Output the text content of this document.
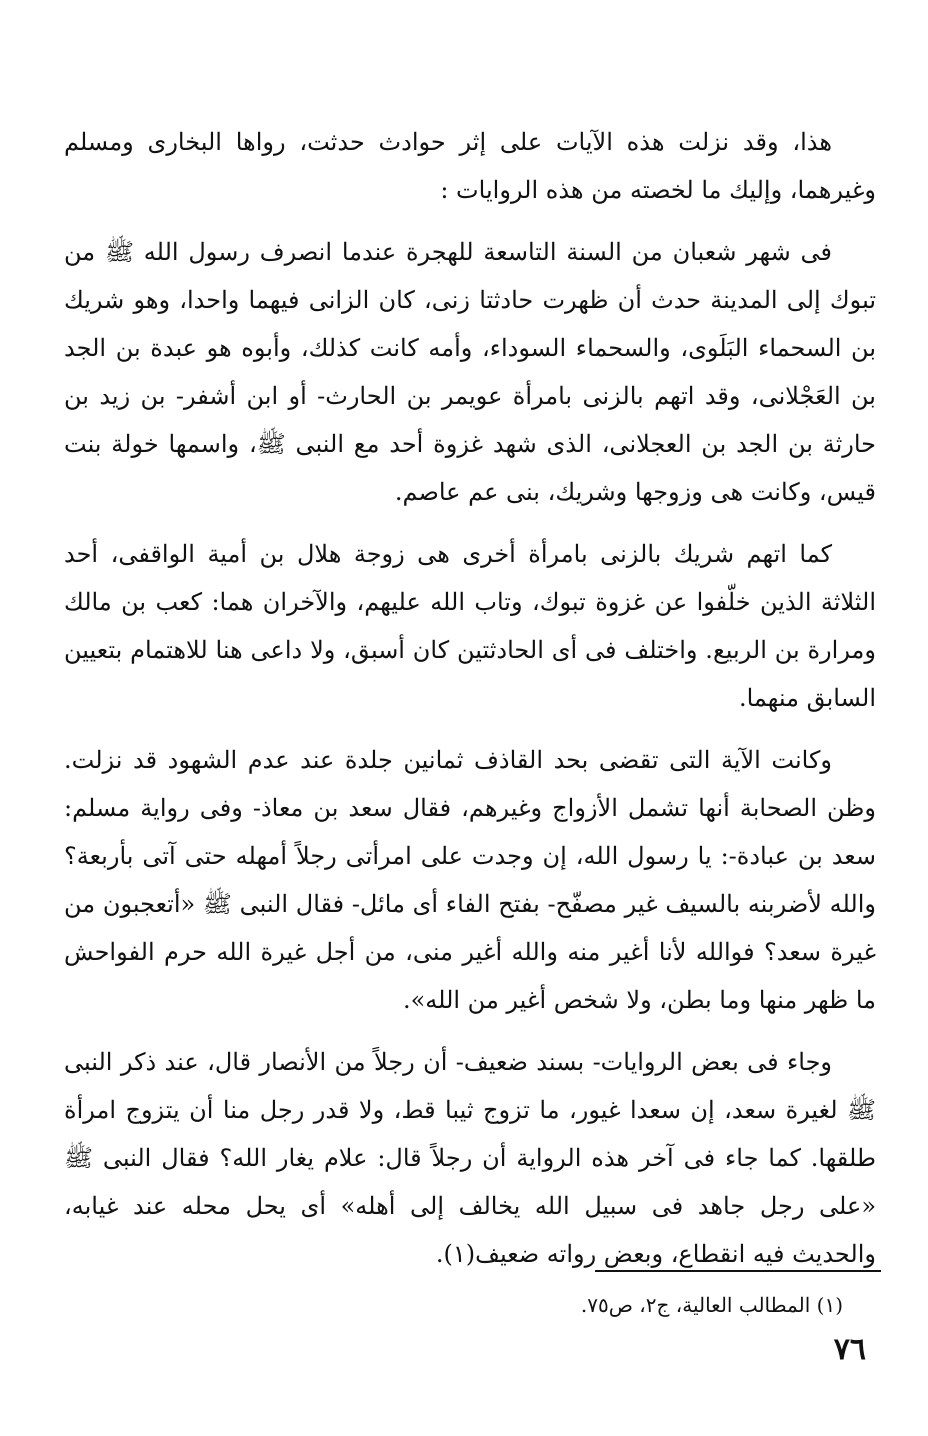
هذا، وقد نزلت هذه الآيات على إثر حوادث حدثت، رواها البخارى ومسلم وغيرهما، وإليك ما لخصته من هذه الروايات :

فى شهر شعبان من السنة التاسعة للهجرة عندما انصرف رسول الله ﷺ من تبوك إلى المدينة حدث أن ظهرت حادثتا زنى، كان الزانى فيهما واحدا، وهو شريك بن السحماء البَلَوى، والسحماء السوداء، وأمه كانت كذلك، وأبوه هو عبدة بن الجد بن العَجْلانى، وقد اتهم بالزنى بامرأة عويمر بن الحارث- أو ابن أشفر- بن زيد بن حارثة بن الجد بن العجلانى، الذى شهد غزوة أحد مع النبى ﷺ، واسمها خولة بنت قيس، وكانت هى وزوجها وشريك، بنى عم عاصم.

كما اتهم شريك بالزنى بامرأة أخرى هى زوجة هلال بن أمية الواقفى، أحد الثلاثة الذين خلّفوا عن غزوة تبوك، وتاب الله عليهم، والآخران هما: كعب بن مالك ومرارة بن الربيع. واختلف فى أى الحادثتين كان أسبق، ولا داعى هنا للاهتمام بتعيين السابق منهما.

وكانت الآية التى تقضى بحد القاذف ثمانين جلدة عند عدم الشهود قد نزلت. وظن الصحابة أنها تشمل الأزواج وغيرهم، فقال سعد بن معاذ- وفى رواية مسلم: سعد بن عبادة-: يا رسول الله، إن وجدت على امرأتى رجلاً أمهله حتى آتى بأربعة؟ والله لأضربنه بالسيف غير مصفّح- بفتح الفاء أى مائل- فقال النبى ﷺ «أتعجبون من غيرة سعد؟ فوالله لأنا أغير منه والله أغير منى، من أجل غيرة الله حرم الفواحش ما ظهر منها وما بطن، ولا شخص أغير من الله».

وجاء فى بعض الروايات- بسند ضعيف- أن رجلاً من الأنصار قال، عند ذكر النبى ﷺ لغيرة سعد، إن سعدا غيور، ما تزوج ثيبا قط، ولا قدر رجل منا أن يتزوج امرأة طلقها. كما جاء فى آخر هذه الرواية أن رجلاً قال: علام يغار الله؟ فقال النبى ﷺ «على رجل جاهد فى سبيل الله يخالف إلى أهله» أى يحل محله عند غيابه، والحديث فيه انقطاع، وبعض رواته ضعيف(١).

(١) المطالب العالية، ج٢، ص٧٥.
٧٦
